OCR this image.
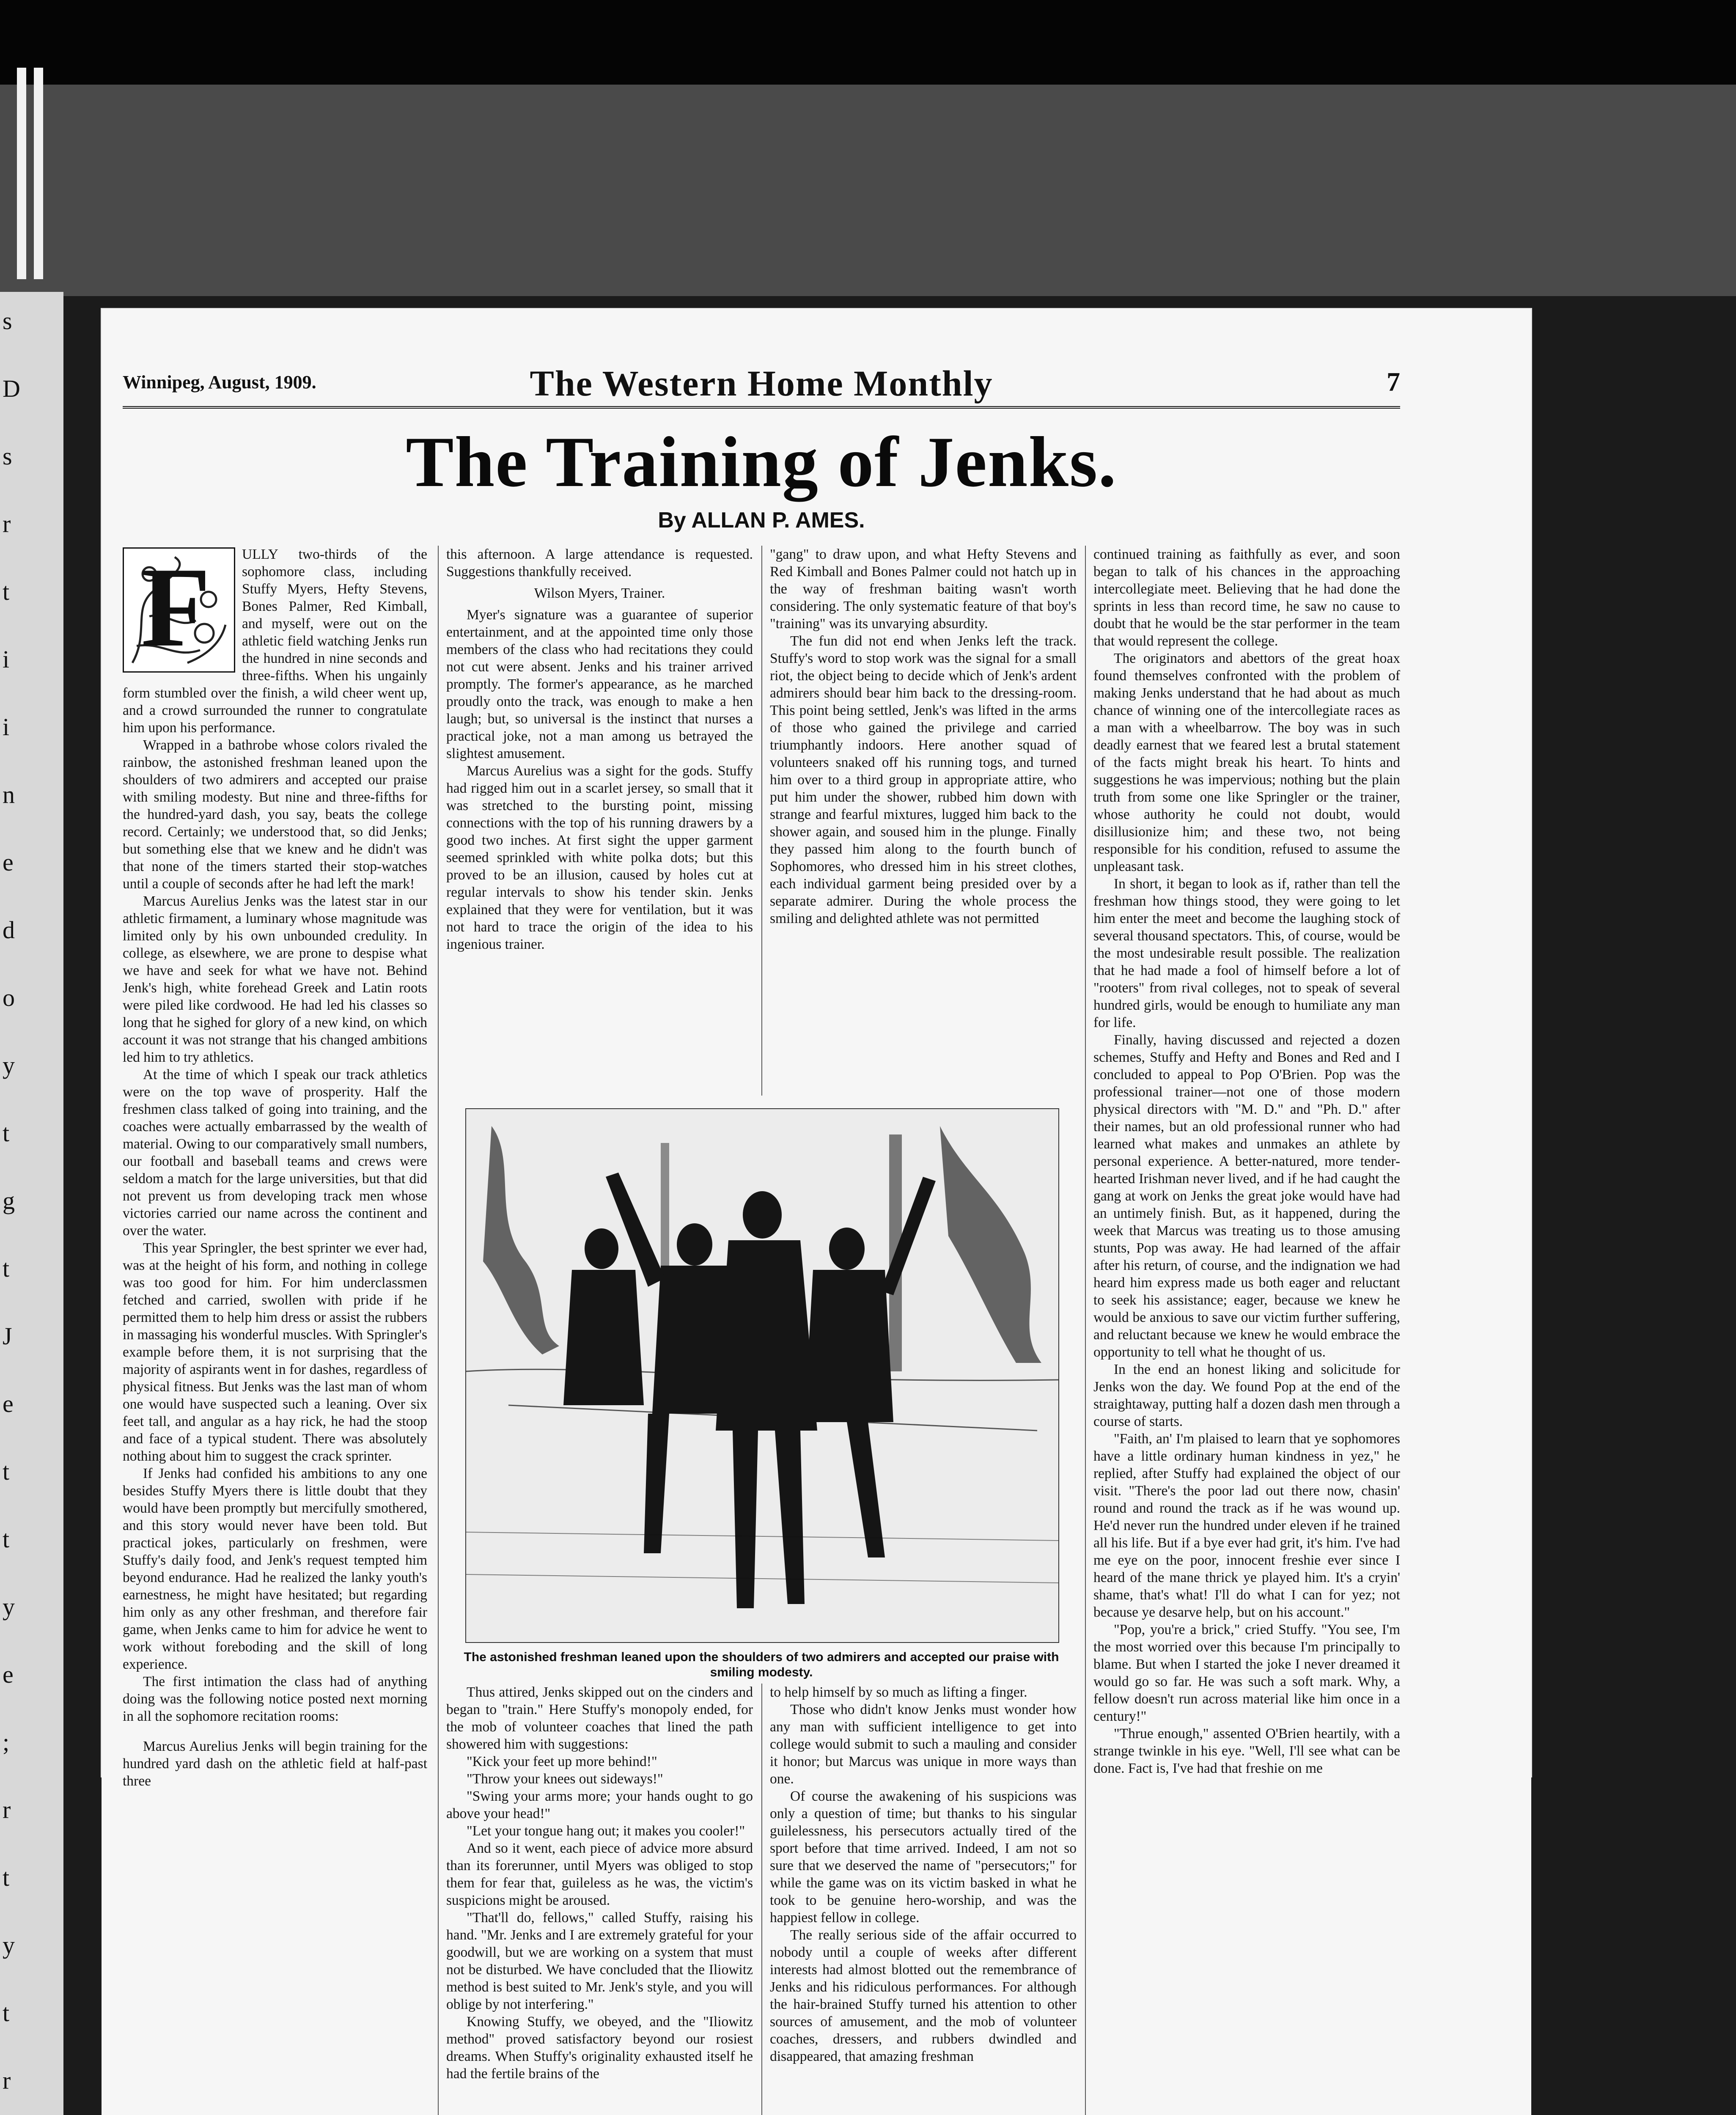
s
D
s
r
t
i
i
n
e
d
o
y
t
g
t
J
e
t
t
y
e
;
r
t
y
t
r
Winnipeg, August, 1909.	The Western Home Monthly	7
The Training of Jenks.
By ALLAN P. AMES.
F	ULLY two-thirds of the sophomore class, including Stuffy Myers, Hefty Stevens, Bones Palmer, Red Kimball, and myself, were out on the athletic field watching Jenks run the hundred in nine seconds and three-fifths. When his ungainly form stumbled over the finish, a wild cheer went up, and a crowd surrounded the runner to congratulate him upon his performance.

Wrapped in a bathrobe whose colors rivaled the rainbow, the astonished freshman leaned upon the shoulders of two admirers and accepted our praise with smiling modesty. But nine and three-fifths for the hundred-yard dash, you say, beats the college record. Certainly; we understood that, so did Jenks; but something else that we knew and he didn't was that none of the timers started their stop-watches until a couple of seconds after he had left the mark!

Marcus Aurelius Jenks was the latest star in our athletic firmament, a luminary whose magnitude was limited only by his own unbounded credulity. In college, as elsewhere, we are prone to despise what we have and seek for what we have not. Behind Jenk's high, white forehead Greek and Latin roots were piled like cordwood. He had led his classes so long that he sighed for glory of a new kind, on which account it was not strange that his changed ambitions led him to try athletics.

At the time of which I speak our track athletics were on the top wave of prosperity. Half the freshmen class talked of going into training, and the coaches were actually embarrassed by the wealth of material. Owing to our comparatively small numbers, our football and baseball teams and crews were seldom a match for the large universities, but that did not prevent us from developing track men whose victories carried our name across the continent and over the water.

This year Springler, the best sprinter we ever had, was at the height of his form, and nothing in college was too good for him. For him underclassmen fetched and carried, swollen with pride if he permitted them to help him dress or assist the rubbers in massaging his wonderful muscles. With Springler's example before them, it is not surprising that the majority of aspirants went in for dashes, regardless of physical fitness. But Jenks was the last man of whom one would have suspected such a leaning. Over six feet tall, and angular as a hay rick, he had the stoop and face of a typical student. There was absolutely nothing about him to suggest the crack sprinter.

If Jenks had confided his ambitions to any one besides Stuffy Myers there is little doubt that they would have been promptly but mercifully smothered, and this story would never have been told. But practical jokes, particularly on freshmen, were Stuffy's daily food, and Jenk's request tempted him beyond endurance. Had he realized the lanky youth's earnestness, he might have hesitated; but regarding him only as any other freshman, and therefore fair game, when Jenks came to him for advice he went to work without foreboding and the skill of long experience.

The first intimation the class had of anything doing was the following notice posted next morning in all the sophomore recitation rooms:

Marcus Aurelius Jenks will begin training for the hundred yard dash on the athletic field at half-past three

this afternoon. A large attendance is requested. Suggestions thankfully received.

Wilson Myers, Trainer.

Myer's signature was a guarantee of superior entertainment, and at the appointed time only those members of the class who had recitations they could not cut were absent. Jenks and his trainer arrived promptly. The former's appearance, as he marched proudly onto the track, was enough to make a hen laugh; but, so universal is the instinct that nurses a practical joke, not a man among us betrayed the slightest amusement.

Marcus Aurelius was a sight for the gods. Stuffy had rigged him out in a scarlet jersey, so small that it was stretched to the bursting point, missing connections with the top of his running drawers by a good two inches. At first sight the upper garment seemed sprinkled with white polka dots; but this proved to be an illusion, caused by holes cut at regular intervals to show his tender skin. Jenks explained that they were for ventilation, but it was not hard to trace the origin of the idea to his ingenious trainer.

"gang" to draw upon, and what Hefty Stevens and Red Kimball and Bones Palmer could not hatch up in the way of freshman baiting wasn't worth considering. The only systematic feature of that boy's "training" was its unvarying absurdity.

The fun did not end when Jenks left the track. Stuffy's word to stop work was the signal for a small riot, the object being to decide which of Jenk's ardent admirers should bear him back to the dressing-room. This point being settled, Jenk's was lifted in the arms of those who gained the privilege and carried triumphantly indoors. Here another squad of volunteers snaked off his running togs, and turned him over to a third group in appropriate attire, who put him under the shower, rubbed him down with strange and fearful mixtures, lugged him back to the shower again, and soused him in the plunge. Finally they passed him along to the fourth bunch of Sophomores, who dressed him in his street clothes, each individual garment being presided over by a separate admirer. During the whole process the smiling and delighted athlete was not permitted

continued training as faithfully as ever, and soon began to talk of his chances in the approaching intercollegiate meet. Believing that he had done the sprints in less than record time, he saw no cause to doubt that he would be the star performer in the team that would represent the college.

The originators and abettors of the great hoax found themselves confronted with the problem of making Jenks understand that he had about as much chance of winning one of the intercollegiate races as a man with a wheelbarrow. The boy was in such deadly earnest that we feared lest a brutal statement of the facts might break his heart. To hints and suggestions he was impervious; nothing but the plain truth from some one like Springler or the trainer, whose authority he could not doubt, would disillusionize him; and these two, not being responsible for his condition, refused to assume the unpleasant task.

In short, it began to look as if, rather than tell the freshman how things stood, they were going to let him enter the meet and become the laughing stock of several thousand spectators. This, of course, would be the most undesirable result possible. The realization that he had made a fool of himself before a lot of "rooters" from rival colleges, not to speak of several hundred girls, would be enough to humiliate any man for life.

Finally, having discussed and rejected a dozen schemes, Stuffy and Hefty and Bones and Red and I concluded to appeal to Pop O'Brien. Pop was the professional trainer—not one of those modern physical directors with "M. D." and "Ph. D." after their names, but an old professional runner who had learned what makes and unmakes an athlete by personal experience. A better-natured, more tender-hearted Irishman never lived, and if he had caught the gang at work on Jenks the great joke would have had an untimely finish. But, as it happened, during the week that Marcus was treating us to those amusing stunts, Pop was away. He had learned of the affair after his return, of course, and the indignation we had heard him express made us both eager and reluctant to seek his assistance; eager, because we knew he would be anxious to save our victim further suffering, and reluctant because we knew he would embrace the opportunity to tell what he thought of us.

In the end an honest liking and solicitude for Jenks won the day. We found Pop at the end of the straightaway, putting half a dozen dash men through a course of starts.

"Faith, an' I'm plaised to learn that ye sophomores have a little ordinary human kindness in yez," he replied, after Stuffy had explained the object of our visit. "There's the poor lad out there now, chasin' round and round the track as if he was wound up. He'd never run the hundred under eleven if he trained all his life. But if a bye ever had grit, it's him. I've had me eye on the poor, innocent freshie ever since I heard of the mane thrick ye played him. It's a cryin' shame, that's what! I'll do what I can for yez; not because ye desarve help, but on his account."

"Pop, you're a brick," cried Stuffy. "You see, I'm the most worried over this because I'm principally to blame. But when I started the joke I never dreamed it would go so far. He was such a soft mark. Why, a fellow doesn't run across material like him once in a century!"

"Thrue enough," assented O'Brien heartily, with a strange twinkle in his eye. "Well, I'll see what can be done. Fact is, I've had that freshie on me

The astonished freshman leaned upon the shoulders of two admirers and accepted our praise with smiling modesty.

Thus attired, Jenks skipped out on the cinders and began to "train." Here Stuffy's monopoly ended, for the mob of volunteer coaches that lined the path showered him with suggestions:

"Kick your feet up more behind!"

"Throw your knees out sideways!"

"Swing your arms more; your hands ought to go above your head!"

"Let your tongue hang out; it makes you cooler!"

And so it went, each piece of advice more absurd than its forerunner, until Myers was obliged to stop them for fear that, guileless as he was, the victim's suspicions might be aroused.

"That'll do, fellows," called Stuffy, raising his hand. "Mr. Jenks and I are extremely grateful for your goodwill, but we are working on a system that must not be disturbed. We have concluded that the Iliowitz method is best suited to Mr. Jenk's style, and you will oblige by not interfering."

Knowing Stuffy, we obeyed, and the "Iliowitz method" proved satisfactory beyond our rosiest dreams. When Stuffy's originality exhausted itself he had the fertile brains of the

to help himself by so much as lifting a finger.

Those who didn't know Jenks must wonder how any man with sufficient intelligence to get into college would submit to such a mauling and consider it honor; but Marcus was unique in more ways than one.

Of course the awakening of his suspicions was only a question of time; but thanks to his singular guilelessness, his persecutors actually tired of the sport before that time arrived. Indeed, I am not so sure that we deserved the name of "persecutors;" for while the game was on its victim basked in what he took to be genuine hero-worship, and was the happiest fellow in college.

The really serious side of the affair occurred to nobody until a couple of weeks after different interests had almost blotted out the remembrance of Jenks and his ridiculous performances. For although the hair-brained Stuffy turned his attention to other sources of amusement, and the mob of volunteer coaches, dressers, and rubbers dwindled and disappeared, that amazing freshman
